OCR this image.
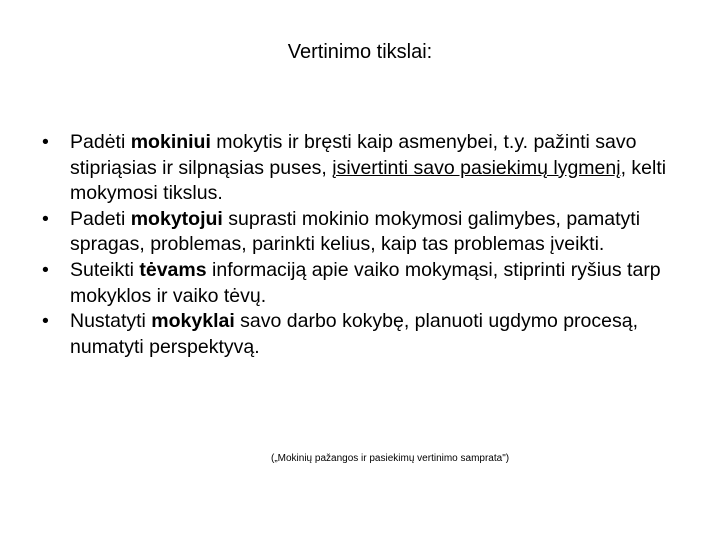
Vertinimo tikslai:
•	Padėti mokiniui mokytis ir bręsti kaip asmenybei, t.y. pažinti savo stipriąsias ir silpnąsias puses, įsivertinti savo pasiekimų lygmenį, kelti mokymosi tikslus.
•	Padeti mokytojui suprasti mokinio mokymosi galimybes, pamatyti spragas, problemas, parinkti kelius, kaip tas problemas įveikti.
•	Suteikti tėvams informaciją apie vaiko mokymąsi, stiprinti ryšius tarp mokyklos ir vaiko tėvų.
•	Nustatyti mokyklai savo darbo kokybę, planuoti ugdymo procesą, numatyti perspektyvą.
(„Mokinių pažangos ir pasiekimų vertinimo samprata")
